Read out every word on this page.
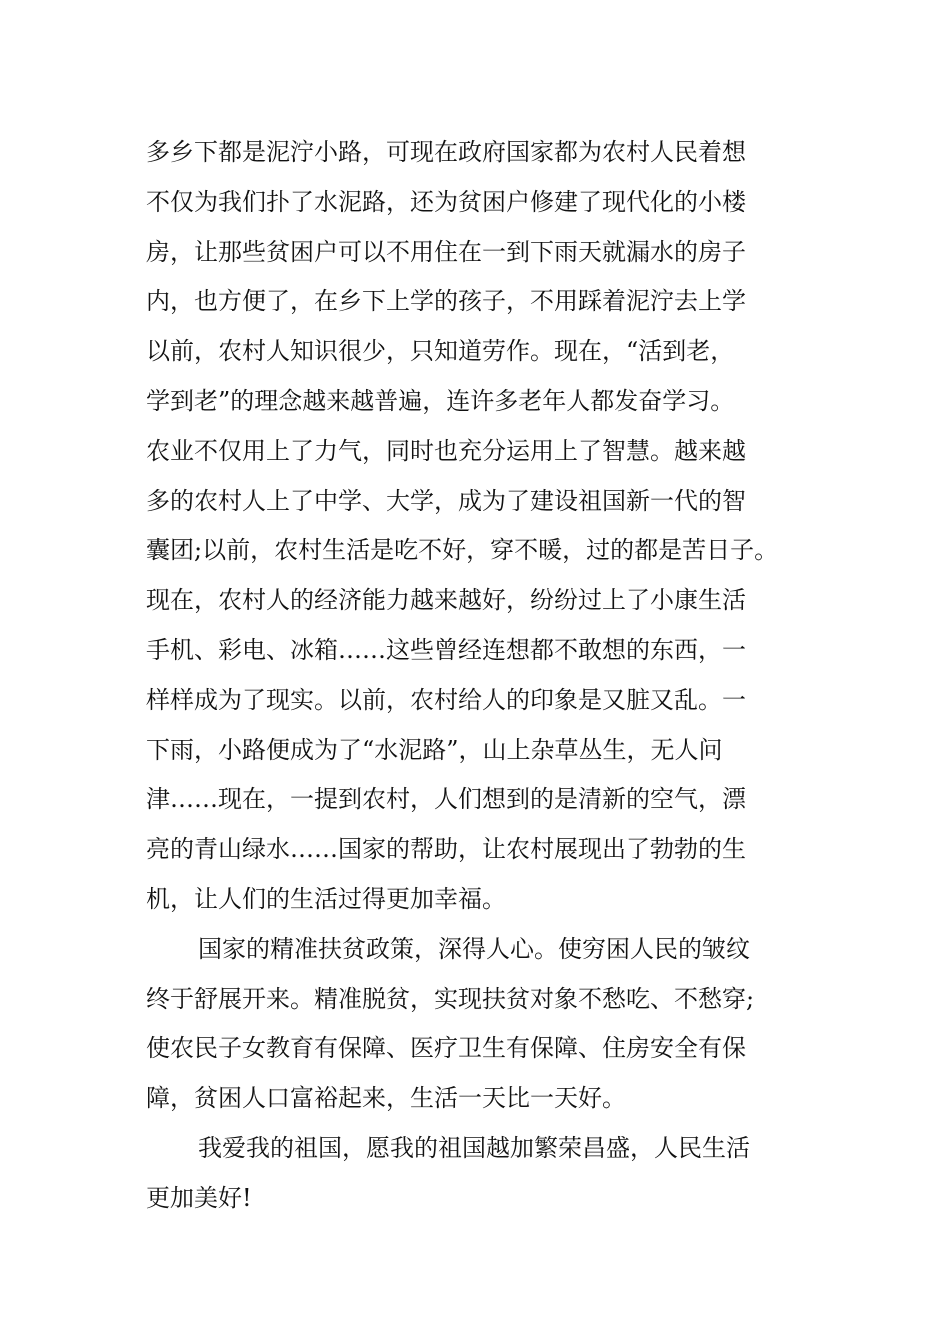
多乡下都是泥泞小路，可现在政府国家都为农村人民着想
不仅为我们扑了水泥路，还为贫困户修建了现代化的小楼
房，让那些贫困户可以不用住在一到下雨天就漏水的房子
内，也方便了，在乡下上学的孩子，不用踩着泥泞去上学
以前，农村人知识很少，只知道劳作。现在，“活到老，
学到老”的理念越来越普遍，连许多老年人都发奋学习。
农业不仅用上了力气，同时也充分运用上了智慧。越来越
多的农村人上了中学、大学，成为了建设祖国新一代的智
囊团;以前，农村生活是吃不好，穿不暖，过的都是苦日子。
现在，农村人的经济能力越来越好，纷纷过上了小康生活
手机、彩电、冰箱……这些曾经连想都不敢想的东西，一
样样成为了现实。以前，农村给人的印象是又脏又乱。一
下雨，小路便成为了“水泥路”，山上杂草丛生，无人问
津……现在，一提到农村，人们想到的是清新的空气，漂
亮的青山绿水……国家的帮助，让农村展现出了勃勃的生
机，让人们的生活过得更加幸福。
国家的精准扶贫政策，深得人心。使穷困人民的皱纹
终于舒展开来。精准脱贫，实现扶贫对象不愁吃、不愁穿;
使农民子女教育有保障、医疗卫生有保障、住房安全有保
障，贫困人口富裕起来，生活一天比一天好。
我爱我的祖国，愿我的祖国越加繁荣昌盛，人民生活
更加美好!
